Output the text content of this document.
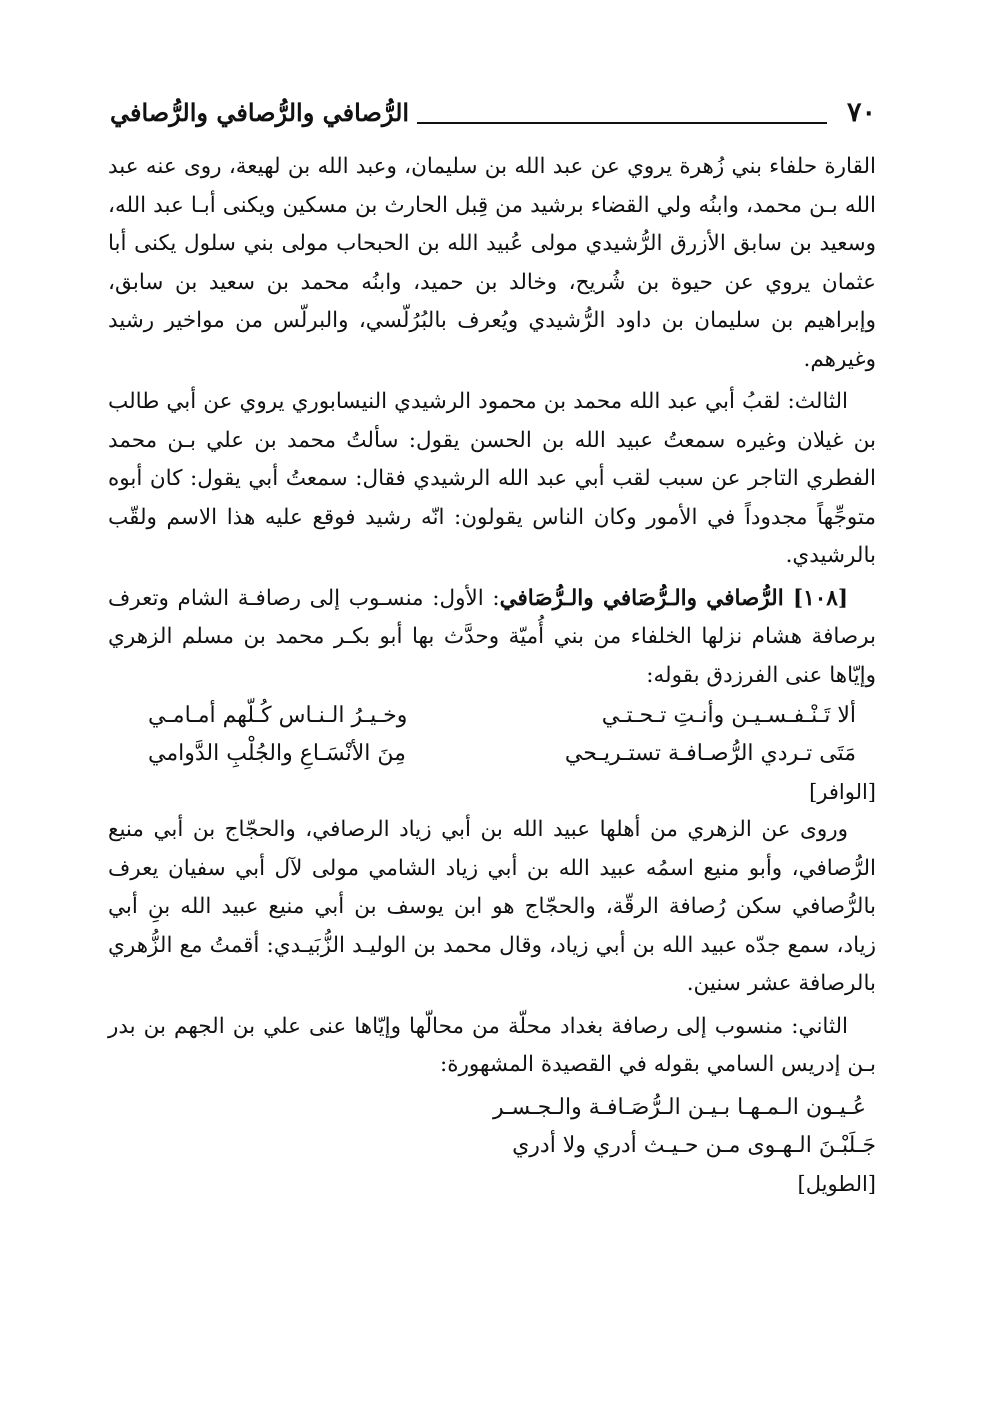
٧٠
الرُّصافي والرُّصافي والرُّصافي

القارة حلفاء بني زُهرة يروي عن عبد الله بن سليمان، وعبد الله بن لهيعة، روى عنه عبد الله بـن محمد، وابنُه ولي القضاء برشيد من قِبل الحارث بن مسكين ويكنى أبـا عبد الله، وسعيد بن سابق الأزرق الرُّشيدي مولى عُبيد الله بن الحبحاب مولى بني سلول يكنى أبا عثمان يروي عن حيوة بن شُريح، وخالد بن حميد، وابنُه محمد بن سعيد بن سابق، وإبراهيم بن سليمان بن داود الرُّشيدي ويُعرف بالبُرُلّسي، والبرلّس من مواخير رشيد وغيرهم.

الثالث: لقبُ أبي عبد الله محمد بن محمود الرشيدي النيسابوري يروي عن أبي طالب بن غيلان وغيره سمعتُ عبيد الله بن الحسن يقول: سألتُ محمد بن علي بـن محمد الفطري التاجر عن سبب لقب أبي عبد الله الرشيدي فقال: سمعتُ أبي يقول: كان أبوه متوجِّهاً مجدوداً في الأمور وكان الناس يقولون: انّه رشيد فوقع عليه هذا الاسم ولقّب بالرشيدي.

[١٠٨] الرُّصافي والـرُّصَافي والـرُّصَافي: الأول: منسـوب إلى رصافـة الشام وتعرف برصافة هشام نزلها الخلفاء من بني أُميّة وحدَّث بها أبو بكـر محمد بن مسلم الزهري وإيّاها عنى الفرزدق بقوله:

ألا تَـنْـفـسـيـن وأنـتِ تـحـتـي
وخـيـرُ الـنـاس كُـلّهم أمـامـي
مَتَى تـردي الرُّصـافـة تستـريـحي
مِنَ الأنْسَـاعِ والجُلْبِ الدَّوامي
[الوافر]

وروى عن الزهري من أهلها عبيد الله بن أبي زياد الرصافي، والحجّاج بن أبي منيع الرُّصافي، وأبو منيع اسمُه عبيد الله بن أبي زياد الشامي مولى لآل أبي سفيان يعرف بالرُّصافي سكن رُصافة الرقّة، والحجّاج هو ابن يوسف بن أبي منيع عبيد الله بنِ أبي زياد، سمع جدّه عبيد الله بن أبي زياد، وقال محمد بن الوليـد الزُّبَيـدي: أقمتُ مع الزُّهري بالرصافة عشر سنين.

الثاني: منسوب إلى رصافة بغداد محلّة من محالّها وإيّاها عنى علي بن الجهم بن بدر بـن إدريس السامي بقوله في القصيدة المشهورة:

عُـيـون الـمـهـا بـيـن الـرُّصَـافـة والـجـسـر
جَـلَبْـنَ الـهـوى مـن حـيـث أدري ولا أدري
[الطويل]
